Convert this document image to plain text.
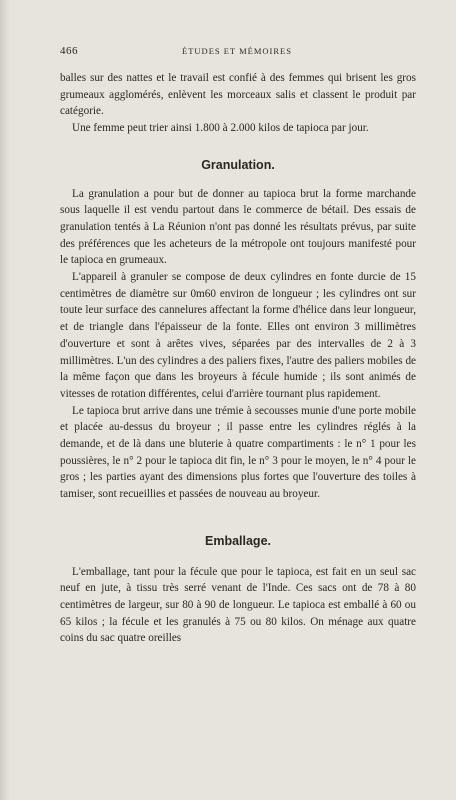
466	ÉTUDES ET MÉMOIRES

balles sur des nattes et le travail est confié à des femmes qui brisent les gros grumeaux agglomérés, enlèvent les morceaux salis et classent le produit par catégorie.

Une femme peut trier ainsi 1.800 à 2.000 kilos de tapioca par jour.

Granulation.

La granulation a pour but de donner au tapioca brut la forme marchande sous laquelle il est vendu partout dans le commerce de bétail. Des essais de granulation tentés à La Réunion n'ont pas donné les résultats prévus, par suite des préférences que les acheteurs de la métropole ont toujours manifesté pour le tapioca en grumeaux.

L'appareil à granuler se compose de deux cylindres en fonte durcie de 15 centimètres de diamètre sur 0m60 environ de longueur ; les cylindres ont sur toute leur surface des cannelures affectant la forme d'hélice dans leur longueur, et de triangle dans l'épaisseur de la fonte. Elles ont environ 3 millimètres d'ouverture et sont à arêtes vives, séparées par des intervalles de 2 à 3 millimètres. L'un des cylindres a des paliers fixes, l'autre des paliers mobiles de la même façon que dans les broyeurs à fécule humide ; ils sont animés de vitesses de rotation différentes, celui d'arrière tournant plus rapidement.

Le tapioca brut arrive dans une trémie à secousses munie d'une porte mobile et placée au-dessus du broyeur ; il passe entre les cylindres réglés à la demande, et de là dans une bluterie à quatre compartiments : le n° 1 pour les poussières, le n° 2 pour le tapioca dit fin, le n° 3 pour le moyen, le n° 4 pour le gros ; les parties ayant des dimensions plus fortes que l'ouverture des toiles à tamiser, sont recueillies et passées de nouveau au broyeur.

Emballage.

L'emballage, tant pour la fécule que pour le tapioca, est fait en un seul sac neuf en jute, à tissu très serré venant de l'Inde. Ces sacs ont de 78 à 80 centimètres de largeur, sur 80 à 90 de longueur. Le tapioca est emballé à 60 ou 65 kilos ; la fécule et les granulés à 75 ou 80 kilos. On ménage aux quatre coins du sac quatre oreilles
